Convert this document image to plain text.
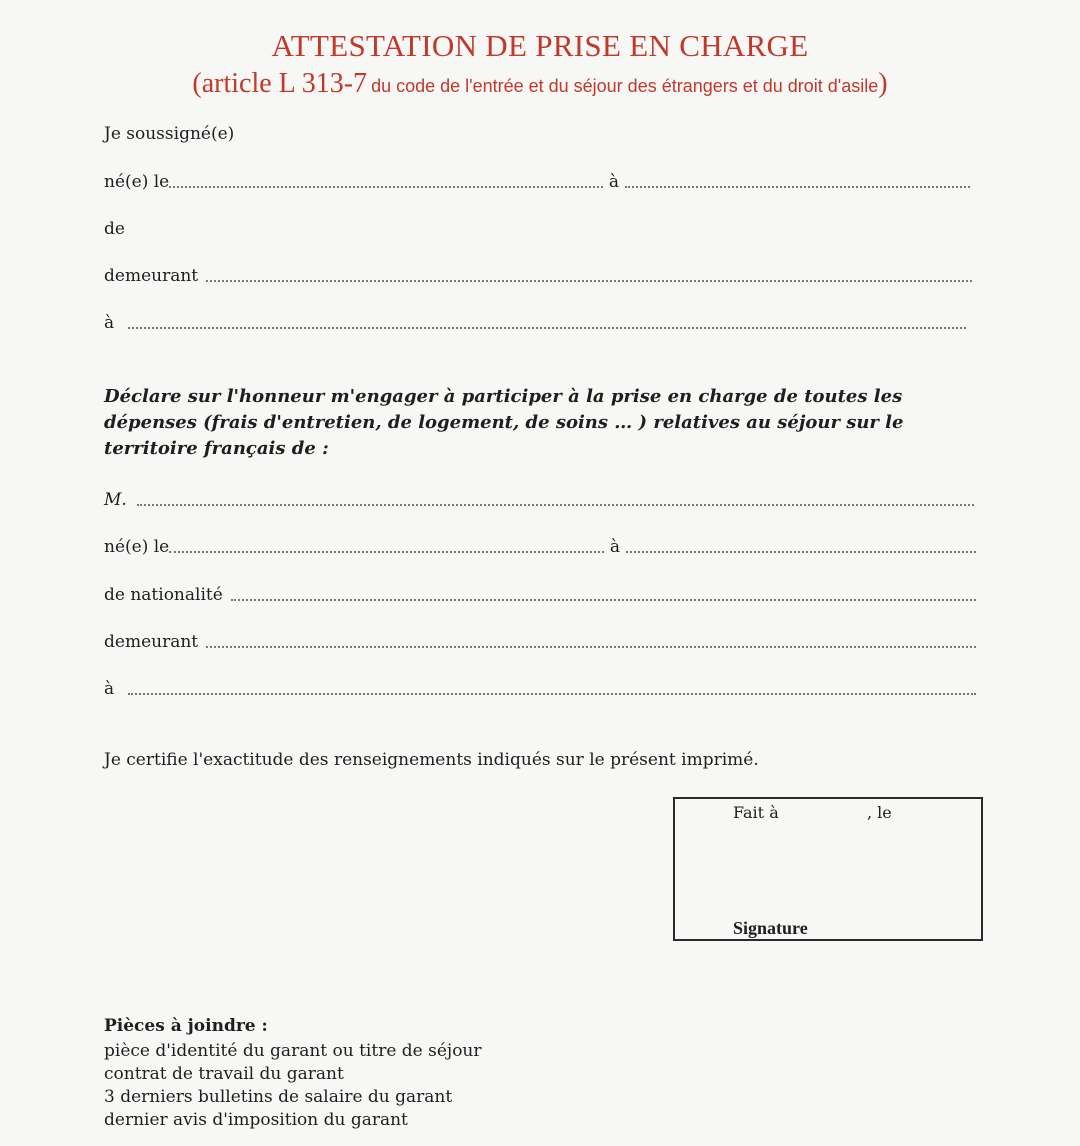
ATTESTATION DE PRISE EN CHARGE
(article L 313-7 du code de l'entrée et du séjour des étrangers et du droit d'asile)
Je soussigné(e)
né(e) le	à
de
demeurant
à
Déclare sur l'honneur m'engager à participer à la prise en charge de toutes les dépenses (frais d'entretien, de logement, de soins … ) relatives au séjour sur le territoire français de :
M.
né(e) le	à
de nationalité
demeurant
à
Je certifie l'exactitude des renseignements indiqués sur le présent imprimé.
Fait à	, le
Signature
Pièces à joindre :
pièce d'identité du garant ou titre de séjour
contrat de travail du garant
3 derniers bulletins de salaire du garant
dernier avis d'imposition du garant
